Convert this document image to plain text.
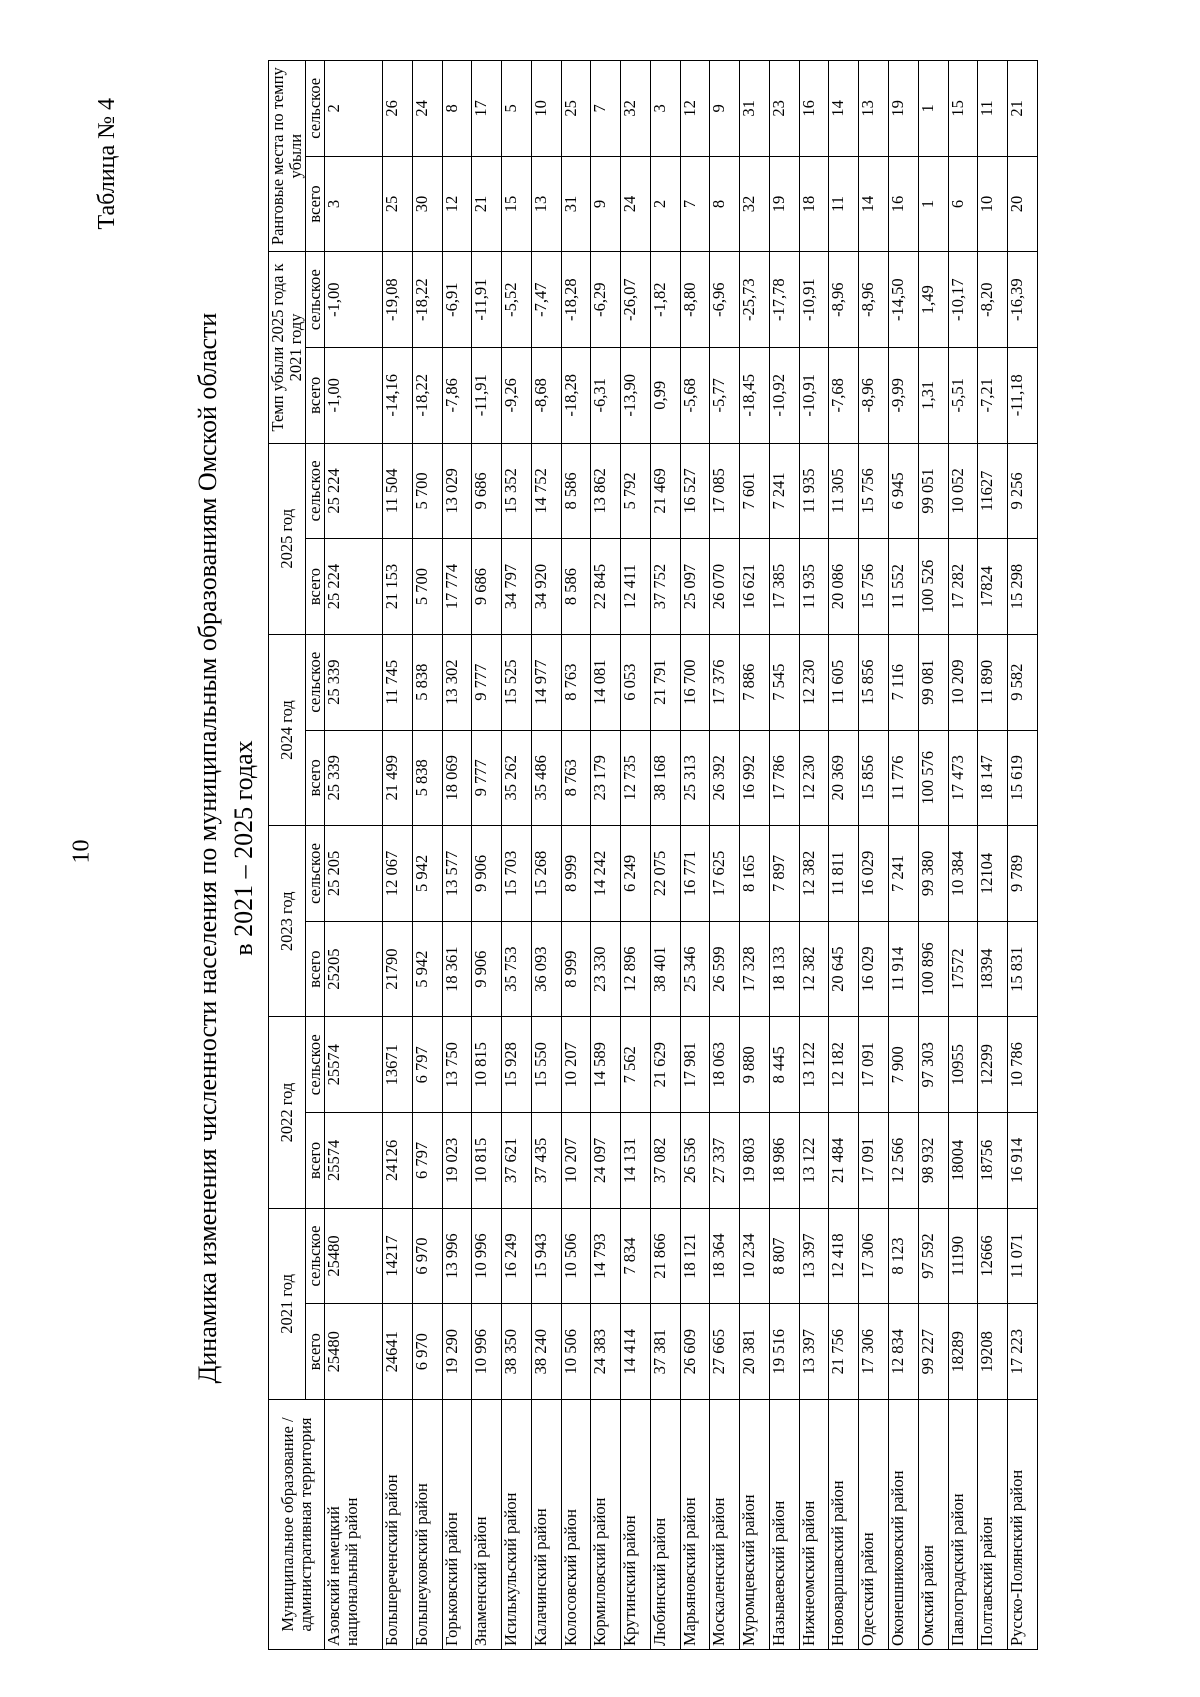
10	Динамика изменения численности населения по муниципальным образованиям Омской области в 2021 – 2025 годах
Таблица № 4
Муниципальное образование / административная территория	2021 год		2022 год		2023 год		2024 год		2025 год		Темп убыли 2025 года к 2021 году		Ранговые места по темпу убыли	
	всего	сельское	всего	сельское	всего	сельское	всего	сельское	всего	сельское	всего	сельское	всего	сельское
Азовский немецкий национальный район	25480	25480	25574	25574	25205	25 205	25 339	25 339	25 224	25 224	-1,00	-1,00	3	2
Большереченский район	24641	14217	24126	13671	21790	12 067	21 499	11 745	21 153	11 504	-14,16	-19,08	25	26
Большеуковский район	6 970	6 970	6 797	6 797	5 942	5 942	5 838	5 838	5 700	5 700	-18,22	-18,22	30	24
Горьковский район	19 290	13 996	19 023	13 750	18 361	13 577	18 069	13 302	17 774	13 029	-7,86	-6,91	12	8
Знаменский район	10 996	10 996	10 815	10 815	9 906	9 906	9 777	9 777	9 686	9 686	-11,91	-11,91	21	17
Исилькульский район	38 350	16 249	37 621	15 928	35 753	15 703	35 262	15 525	34 797	15 352	-9,26	-5,52	15	5
Калачинский район	38 240	15 943	37 435	15 550	36 093	15 268	35 486	14 977	34 920	14 752	-8,68	-7,47	13	10
Колосовский район	10 506	10 506	10 207	10 207	8 999	8 999	8 763	8 763	8 586	8 586	-18,28	-18,28	31	25
Кормиловский район	24 383	14 793	24 097	14 589	23 330	14 242	23 179	14 081	22 845	13 862	-6,31	-6,29	9	7
Крутинский район	14 414	7 834	14 131	7 562	12 896	6 249	12 735	6 053	12 411	5 792	-13,90	-26,07	24	32
Любинский район	37 381	21 866	37 082	21 629	38 401	22 075	38 168	21 791	37 752	21 469	0,99	-1,82	2	3
Марьяновский район	26 609	18 121	26 536	17 981	25 346	16 771	25 313	16 700	25 097	16 527	-5,68	-8,80	7	12
Москаленский район	27 665	18 364	27 337	18 063	26 599	17 625	26 392	17 376	26 070	17 085	-5,77	-6,96	8	9
Муромцевский район	20 381	10 234	19 803	9 880	17 328	8 165	16 992	7 886	16 621	7 601	-18,45	-25,73	32	31
Называевский район	19 516	8 807	18 986	8 445	18 133	7 897	17 786	7 545	17 385	7 241	-10,92	-17,78	19	23
Нижнеомский район	13 397	13 397	13 122	13 122	12 382	12 382	12 230	12 230	11 935	11 935	-10,91	-10,91	18	16
Нововаршавский район	21 756	12 418	21 484	12 182	20 645	11 811	20 369	11 605	20 086	11 305	-7,68	-8,96	11	14
Одесский район	17 306	17 306	17 091	17 091	16 029	16 029	15 856	15 856	15 756	15 756	-8,96	-8,96	14	13
Оконешниковский район	12 834	8 123	12 566	7 900	11 914	7 241	11 776	7 116	11 552	6 945	-9,99	-14,50	16	19
Омский район	99 227	97 592	98 932	97 303	100 896	99 380	100 576	99 081	100 526	99 051	1,31	1,49	1	1
Павлоградский район	18289	11190	18004	10955	17572	10 384	17 473	10 209	17 282	10 052	-5,51	-10,17	6	15
Полтавский район	19208	12666	18756	12299	18394	12104	18 147	11 890	17824	11627	-7,21	-8,20	10	11
Русско-Полянский район	17 223	11 071	16 914	10 786	15 831	9 789	15 619	9 582	15 298	9 256	-11,18	-16,39	20	21
